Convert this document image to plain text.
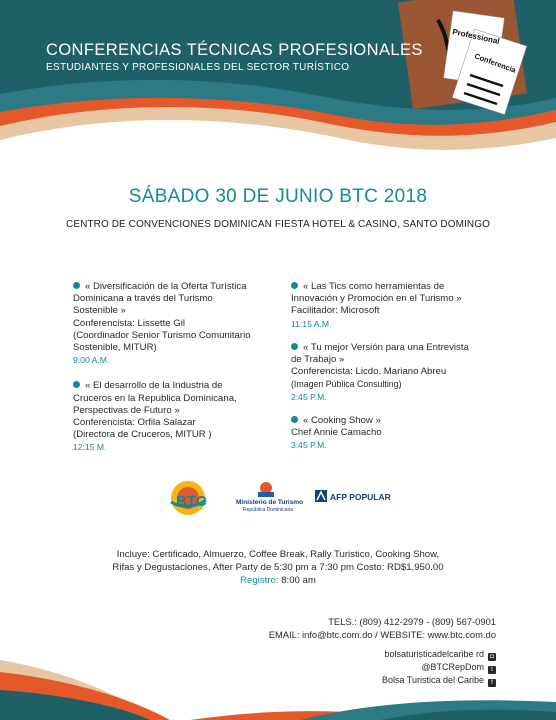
Professional
Conferencia
CONFERENCIAS TÉCNICAS PROFESIONALES
ESTUDIANTES Y PROFESIONALES DEL SECTOR TURÍSTICO
SÁBADO 30 DE JUNIO BTC 2018
CENTRO DE CONVENCIONES DOMINICAN FIESTA HOTEL & CASINO, SANTO DOMINGO
« Diversificación de la Oferta Turística
Dominicana a través del Turismo
Sostenible »
Conferencista: Lissette Gil
(Coordinador Senior Turismo Comunitario
Sostenible, MITUR)
9:00 A.M.
« El desarrollo de la Industria de
Cruceros en la Republica Dominicana,
Perspectivas de Futuro »
Conferencista: Orfila Salazar
(Directora de Cruceros, MITUR )
12:15 M.
« Las Tics como herramientas de
Innovación y Promoción en el Turismo »
Facilitador: Microsoft
11:15 A.M.
« Tu mejor Versión para una Entrevista
de Trabajo »
Conferencista: Licdo. Mariano Abreu
(Imagen Pública Consulting)
2:45 P.M.
« Cooking Show »
Chef Annie Camacho
3:45 P.M.
BTC	Ministerio de Turismo
República Dominicana
AFP POPULAR
Incluye: Certificado, Almuerzo, Coffee Break, Rally Turistico, Cooking Show,
Rifas y Degustaciones, After Party de 5:30 pm a 7:30 pm Costo: RD$1,950.00
Registro: 8:00 am
TELS.: (809) 412-2979 - (809) 567-0901
EMAIL: info@btc.com.do / WEBSITE: www.btc.com.do
bolsaturisticadelcaribe rd ◘
@BTCRepDom t
Bolsa Turistica del Caribe f
